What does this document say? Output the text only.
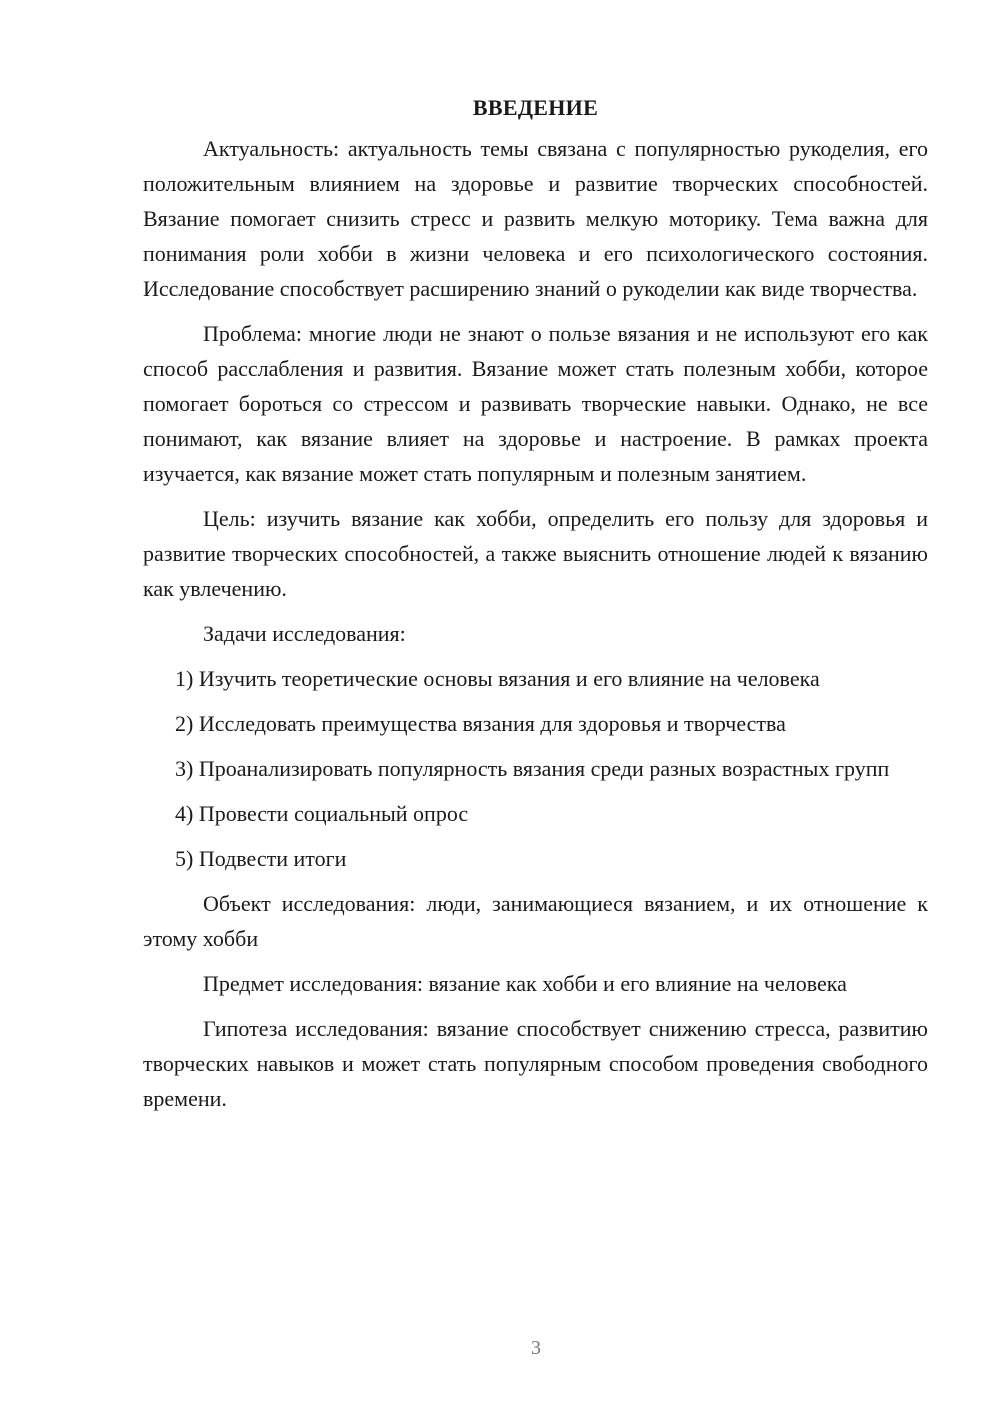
ВВЕДЕНИЕ

Актуальность: актуальность темы связана с популярностью рукоделия, его положительным влиянием на здоровье и развитие творческих способностей. Вязание помогает снизить стресс и развить мелкую моторику. Тема важна для понимания роли хобби в жизни человека и его психологического состояния. Исследование способствует расширению знаний о рукоделии как виде творчества.

Проблема: многие люди не знают о пользе вязания и не используют его как способ расслабления и развития. Вязание может стать полезным хобби, которое помогает бороться со стрессом и развивать творческие навыки. Однако, не все понимают, как вязание влияет на здоровье и настроение. В рамках проекта изучается, как вязание может стать популярным и полезным занятием.

Цель: изучить вязание как хобби, определить его пользу для здоровья и развитие творческих способностей, а также выяснить отношение людей к вязанию как увлечению.

Задачи исследования:

1) Изучить теоретические основы вязания и его влияние на человека

2) Исследовать преимущества вязания для здоровья и творчества

3) Проанализировать популярность вязания среди разных возрастных групп

4) Провести социальный опрос

5) Подвести итоги

Объект исследования: люди, занимающиеся вязанием, и их отношение к этому хобби

Предмет исследования: вязание как хобби и его влияние на человека

Гипотеза исследования: вязание способствует снижению стресса, развитию творческих навыков и может стать популярным способом проведения свободного времени.

3
